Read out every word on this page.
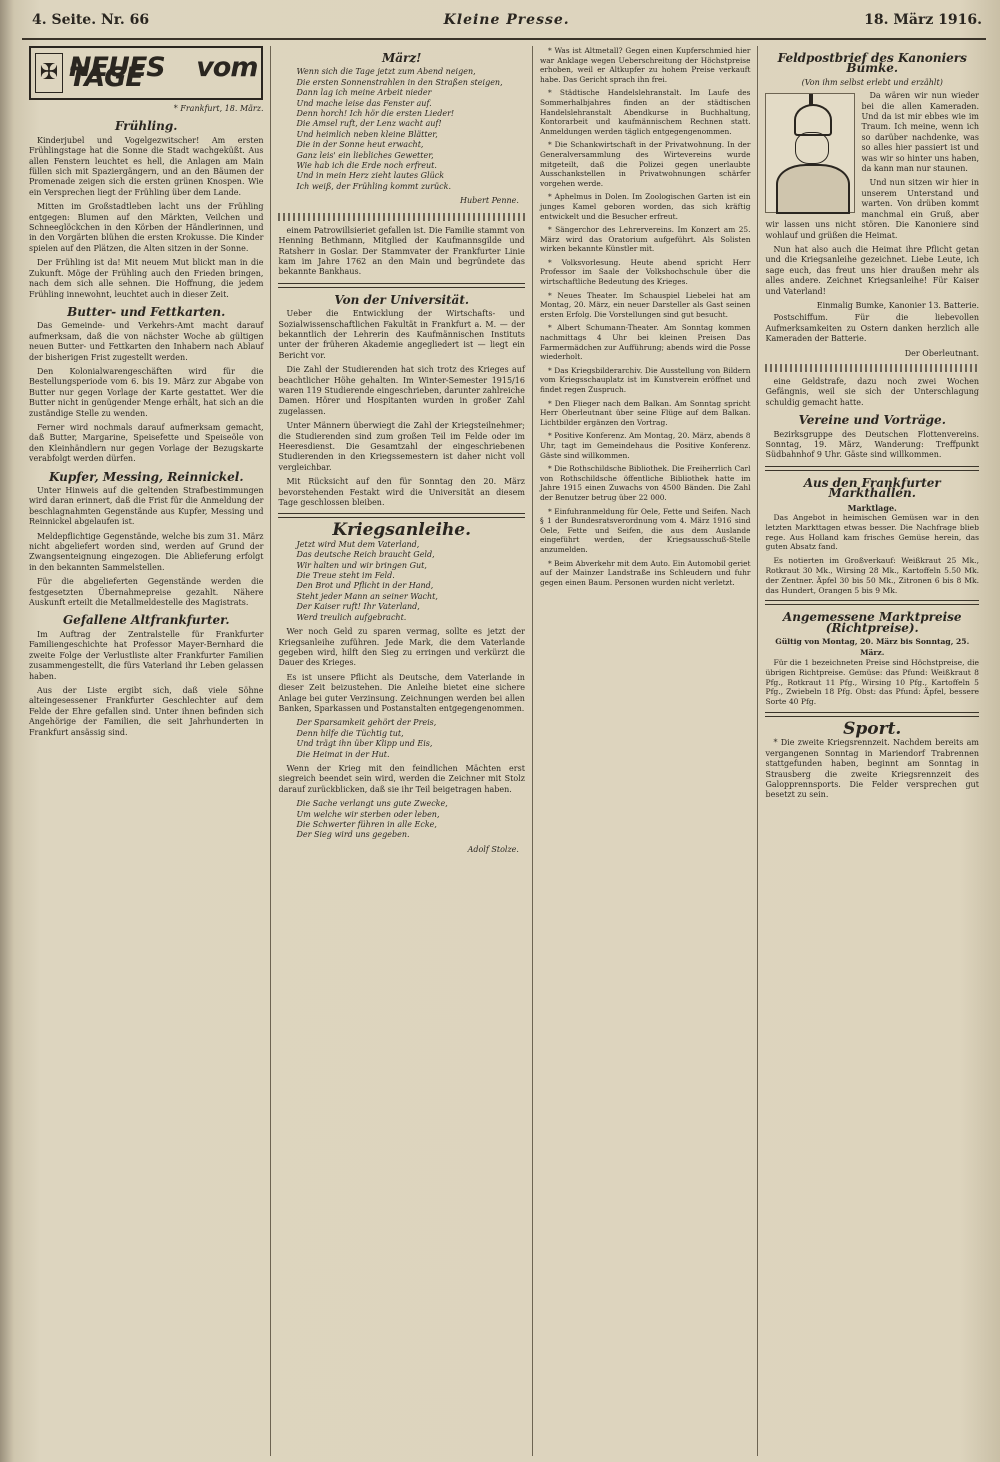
4. Seite. Nr. 66	Kleine Presse.	18. März 1916.
✠ NEUES vom TAGE
* Frankfurt, 18. März.
Frühling.

Kinderjubel und Vogelgezwitscher! Am ersten Frühlingstage hat die Sonne die Stadt wachgeküßt. Aus allen Fenstern leuchtet es hell, die Anlagen am Main füllen sich mit Spaziergängern, und an den Bäumen der Promenade zeigen sich die ersten grünen Knospen. Wie ein Versprechen liegt der Frühling über dem Lande.

Mitten im Großstadtleben lacht uns der Frühling entgegen: Blumen auf den Märkten, Veilchen und Schneeglöckchen in den Körben der Händlerinnen, und in den Vorgärten blühen die ersten Krokusse. Die Kinder spielen auf den Plätzen, die Alten sitzen in der Sonne.

Der Frühling ist da! Mit neuem Mut blickt man in die Zukunft. Möge der Frühling auch den Frieden bringen, nach dem sich alle sehnen. Die Hoffnung, die jedem Frühling innewohnt, leuchtet auch in dieser Zeit.

Butter- und Fettkarten.

Das Gemeinde- und Verkehrs-Amt macht darauf aufmerksam, daß die von nächster Woche ab gültigen neuen Butter- und Fettkarten den Inhabern nach Ablauf der bisherigen Frist zugestellt werden.

Den Kolonialwarengeschäften wird für die Bestellungsperiode vom 6. bis 19. März zur Abgabe von Butter nur gegen Vorlage der Karte gestattet. Wer die Butter nicht in genügender Menge erhält, hat sich an die zuständige Stelle zu wenden.

Ferner wird nochmals darauf aufmerksam gemacht, daß Butter, Margarine, Speisefette und Speiseöle von den Kleinhändlern nur gegen Vorlage der Bezugskarte verabfolgt werden dürfen.

Kupfer, Messing, Reinnickel.

Unter Hinweis auf die geltenden Strafbestimmungen wird daran erinnert, daß die Frist für die Anmeldung der beschlagnahmten Gegenstände aus Kupfer, Messing und Reinnickel abgelaufen ist.

Meldepflichtige Gegenstände, welche bis zum 31. März nicht abgeliefert worden sind, werden auf Grund der Zwangsenteignung eingezogen. Die Ablieferung erfolgt in den bekannten Sammelstellen.

Für die abgelieferten Gegenstände werden die festgesetzten Übernahmepreise gezahlt. Nähere Auskunft erteilt die Metallmeldestelle des Magistrats.

Gefallene Altfrankfurter.

Im Auftrag der Zentralstelle für Frankfurter Familiengeschichte hat Professor Mayer-Bernhard die zweite Folge der Verlustliste alter Frankfurter Familien zusammengestellt, die fürs Vaterland ihr Leben gelassen haben.

Aus der Liste ergibt sich, daß viele Söhne alteingesessener Frankfurter Geschlechter auf dem Felde der Ehre gefallen sind. Unter ihnen befinden sich Angehörige der Familien, die seit Jahrhunderten in Frankfurt ansässig sind.

März!
Wenn sich die Tage jetzt zum Abend neigen,
Die ersten Sonnenstrahlen in den Straßen steigen,
Dann lag ich meine Arbeit nieder
Und mache leise das Fenster auf.
Denn horch! Ich hör die ersten Lieder!
Die Amsel ruft, der Lenz wacht auf!
Und heimlich neben kleine Blätter,
Die in der Sonne heut erwacht,
Ganz leis' ein liebliches Gewetter,
Wie hab ich die Erde noch erfreut.
Und in mein Herz zieht lautes Glück
Ich weiß, der Frühling kommt zurück.
Hubert Penne.

einem Patrowillsieriet gefallen ist. Die Familie stammt von Henning Bethmann, Mitglied der Kaufmannsgilde und Ratsherr in Goslar. Der Stammvater der Frankfurter Linie kam im Jahre 1762 an den Main und begründete das bekannte Bankhaus.

Von der Universität.

Ueber die Entwicklung der Wirtschafts- und Sozialwissenschaftlichen Fakultät in Frankfurt a. M. — der bekanntlich der Lehrerin des Kaufmännischen Instituts unter der früheren Akademie angegliedert ist — liegt ein Bericht vor.

Die Zahl der Studierenden hat sich trotz des Krieges auf beachtlicher Höhe gehalten. Im Winter-Semester 1915/16 waren 119 Studierende eingeschrieben, darunter zahlreiche Damen. Hörer und Hospitanten wurden in großer Zahl zugelassen.

Unter Männern überwiegt die Zahl der Kriegsteilnehmer; die Studierenden sind zum großen Teil im Felde oder im Heeresdienst. Die Gesamtzahl der eingeschriebenen Studierenden in den Kriegssemestern ist daher nicht voll vergleichbar.

Mit Rücksicht auf den für Sonntag den 20. März bevorstehenden Festakt wird die Universität an diesem Tage geschlossen bleiben.

Kriegsanleihe.
Jetzt wird Mut dem Vaterland,
Das deutsche Reich braucht Geld,
Wir halten und wir bringen Gut,
Die Treue steht im Feld.
Den Brot und Pflicht in der Hand,
Steht jeder Mann an seiner Wacht,
Der Kaiser ruft! Ihr Vaterland,
Werd treulich aufgebracht.

Wer noch Geld zu sparen vermag, sollte es jetzt der Kriegsanleihe zuführen. Jede Mark, die dem Vaterlande gegeben wird, hilft den Sieg zu erringen und verkürzt die Dauer des Krieges.

Es ist unsere Pflicht als Deutsche, dem Vaterlande in dieser Zeit beizustehen. Die Anleihe bietet eine sichere Anlage bei guter Verzinsung. Zeichnungen werden bei allen Banken, Sparkassen und Postanstalten entgegengenommen.

Der Sparsamkeit gehört der Preis,
Denn hilfe die Tüchtig tut,
Und trägt ihn über Klipp und Eis,
Die Heimat in der Hut.

Wenn der Krieg mit den feindlichen Mächten erst siegreich beendet sein wird, werden die Zeichner mit Stolz darauf zurückblicken, daß sie ihr Teil beigetragen haben.

Die Sache verlangt uns gute Zwecke,
Um welche wir sterben oder leben,
Die Schwerter führen in alle Ecke,
Der Sieg wird uns gegeben.
Adolf Stolze.

* Was ist Altmetall? Gegen einen Kupferschmied hier war Anklage wegen Ueberschreitung der Höchstpreise erhoben, weil er Altkupfer zu hohem Preise verkauft habe. Das Gericht sprach ihn frei.

* Städtische Handelslehranstalt. Im Laufe des Sommerhalbjahres finden an der städtischen Handelslehranstalt Abendkurse in Buchhaltung, Kontorarbeit und kaufmännischem Rechnen statt. Anmeldungen werden täglich entgegengenommen.

* Die Schankwirtschaft in der Privatwohnung. In der Generalversammlung des Wirtevereins wurde mitgeteilt, daß die Polizei gegen unerlaubte Ausschankstellen in Privatwohnungen schärfer vorgehen werde.

* Aphelmus in Dolen. Im Zoologischen Garten ist ein junges Kamel geboren worden, das sich kräftig entwickelt und die Besucher erfreut.

* Sängerchor des Lehrervereins. Im Konzert am 25. März wird das Oratorium aufgeführt. Als Solisten wirken bekannte Künstler mit.

* Volksvorlesung. Heute abend spricht Herr Professor im Saale der Volkshochschule über die wirtschaftliche Bedeutung des Krieges.

* Neues Theater. Im Schauspiel Liebelei hat am Montag, 20. März, ein neuer Darsteller als Gast seinen ersten Erfolg. Die Vorstellungen sind gut besucht.

* Albert Schumann-Theater. Am Sonntag kommen nachmittags 4 Uhr bei kleinen Preisen Das Farmermädchen zur Aufführung; abends wird die Posse wiederholt.

* Das Kriegsbilderarchiv. Die Ausstellung von Bildern vom Kriegsschauplatz ist im Kunstverein eröffnet und findet regen Zuspruch.

* Den Flieger nach dem Balkan. Am Sonntag spricht Herr Oberleutnant über seine Flüge auf dem Balkan. Lichtbilder ergänzen den Vortrag.

* Positive Konferenz. Am Montag, 20. März, abends 8 Uhr, tagt im Gemeindehaus die Positive Konferenz. Gäste sind willkommen.

* Die Rothschildsche Bibliothek. Die Freiherrlich Carl von Rothschildsche öffentliche Bibliothek hatte im Jahre 1915 einen Zuwachs von 4500 Bänden. Die Zahl der Benutzer betrug über 22 000.

* Einfuhranmeldung für Oele, Fette und Seifen. Nach § 1 der Bundesratsverordnung vom 4. März 1916 sind Oele, Fette und Seifen, die aus dem Auslande eingeführt werden, der Kriegsausschuß-Stelle anzumelden.

* Beim Abverkehr mit dem Auto. Ein Automobil geriet auf der Mainzer Landstraße ins Schleudern und fuhr gegen einen Baum. Personen wurden nicht verletzt.

Feldpostbrief des Kanoniers Bumke.
(Von ihm selbst erlebt und erzählt)

Da wären wir nun wieder bei die allen Kameraden. Und da ist mir ebbes wie im Traum. Ich meine, wenn ich so darüber nachdenke, was so alles hier passiert ist und was wir so hinter uns haben, da kann man nur staunen.

Und nun sitzen wir hier in unserem Unterstand und warten. Von drüben kommt manchmal ein Gruß, aber wir lassen uns nicht stören. Die Kanoniere sind wohlauf und grüßen die Heimat.

Nun hat also auch die Heimat ihre Pflicht getan und die Kriegsanleihe gezeichnet. Liebe Leute, ich sage euch, das freut uns hier draußen mehr als alles andere. Zeichnet Kriegsanleihe! Für Kaiser und Vaterland!

Einmalig Bumke, Kanonier 13. Batterie.

Postschiffum. Für die liebevollen Aufmerksamkeiten zu Ostern danken herzlich alle Kameraden der Batterie.

Der Oberleutnant.

eine Geldstrafe, dazu noch zwei Wochen Gefängnis, weil sie sich der Unterschlagung schuldig gemacht hatte.

Vereine und Vorträge.

Bezirksgruppe des Deutschen Flottenvereins. Sonntag, 19. März, Wanderung: Treffpunkt Südbahnhof 9 Uhr. Gäste sind willkommen.

Aus den Frankfurter Markthallen.
Marktlage.

Das Angebot in heimischen Gemüsen war in den letzten Markttagen etwas besser. Die Nachfrage blieb rege. Aus Holland kam frisches Gemüse herein, das guten Absatz fand.

Es notierten im Großverkauf: Weißkraut 25 Mk., Rotkraut 30 Mk., Wirsing 28 Mk., Kartoffeln 5.50 Mk. der Zentner. Äpfel 30 bis 50 Mk., Zitronen 6 bis 8 Mk. das Hundert, Orangen 5 bis 9 Mk.

Angemessene Marktpreise (Richtpreise).
Gültig von Montag, 20. März bis Sonntag, 25. März.

Für die 1 bezeichneten Preise sind Höchstpreise, die übrigen Richtpreise. Gemüse: das Pfund: Weißkraut 8 Pfg., Rotkraut 11 Pfg., Wirsing 10 Pfg., Kartoffeln 5 Pfg., Zwiebeln 18 Pfg. Obst: das Pfund: Äpfel, bessere Sorte 40 Pfg.

Sport.

* Die zweite Kriegsrennzeit. Nachdem bereits am vergangenen Sonntag in Mariendorf Trabrennen stattgefunden haben, beginnt am Sonntag in Strausberg die zweite Kriegsrennzeit des Galopprennsports. Die Felder versprechen gut besetzt zu sein.
